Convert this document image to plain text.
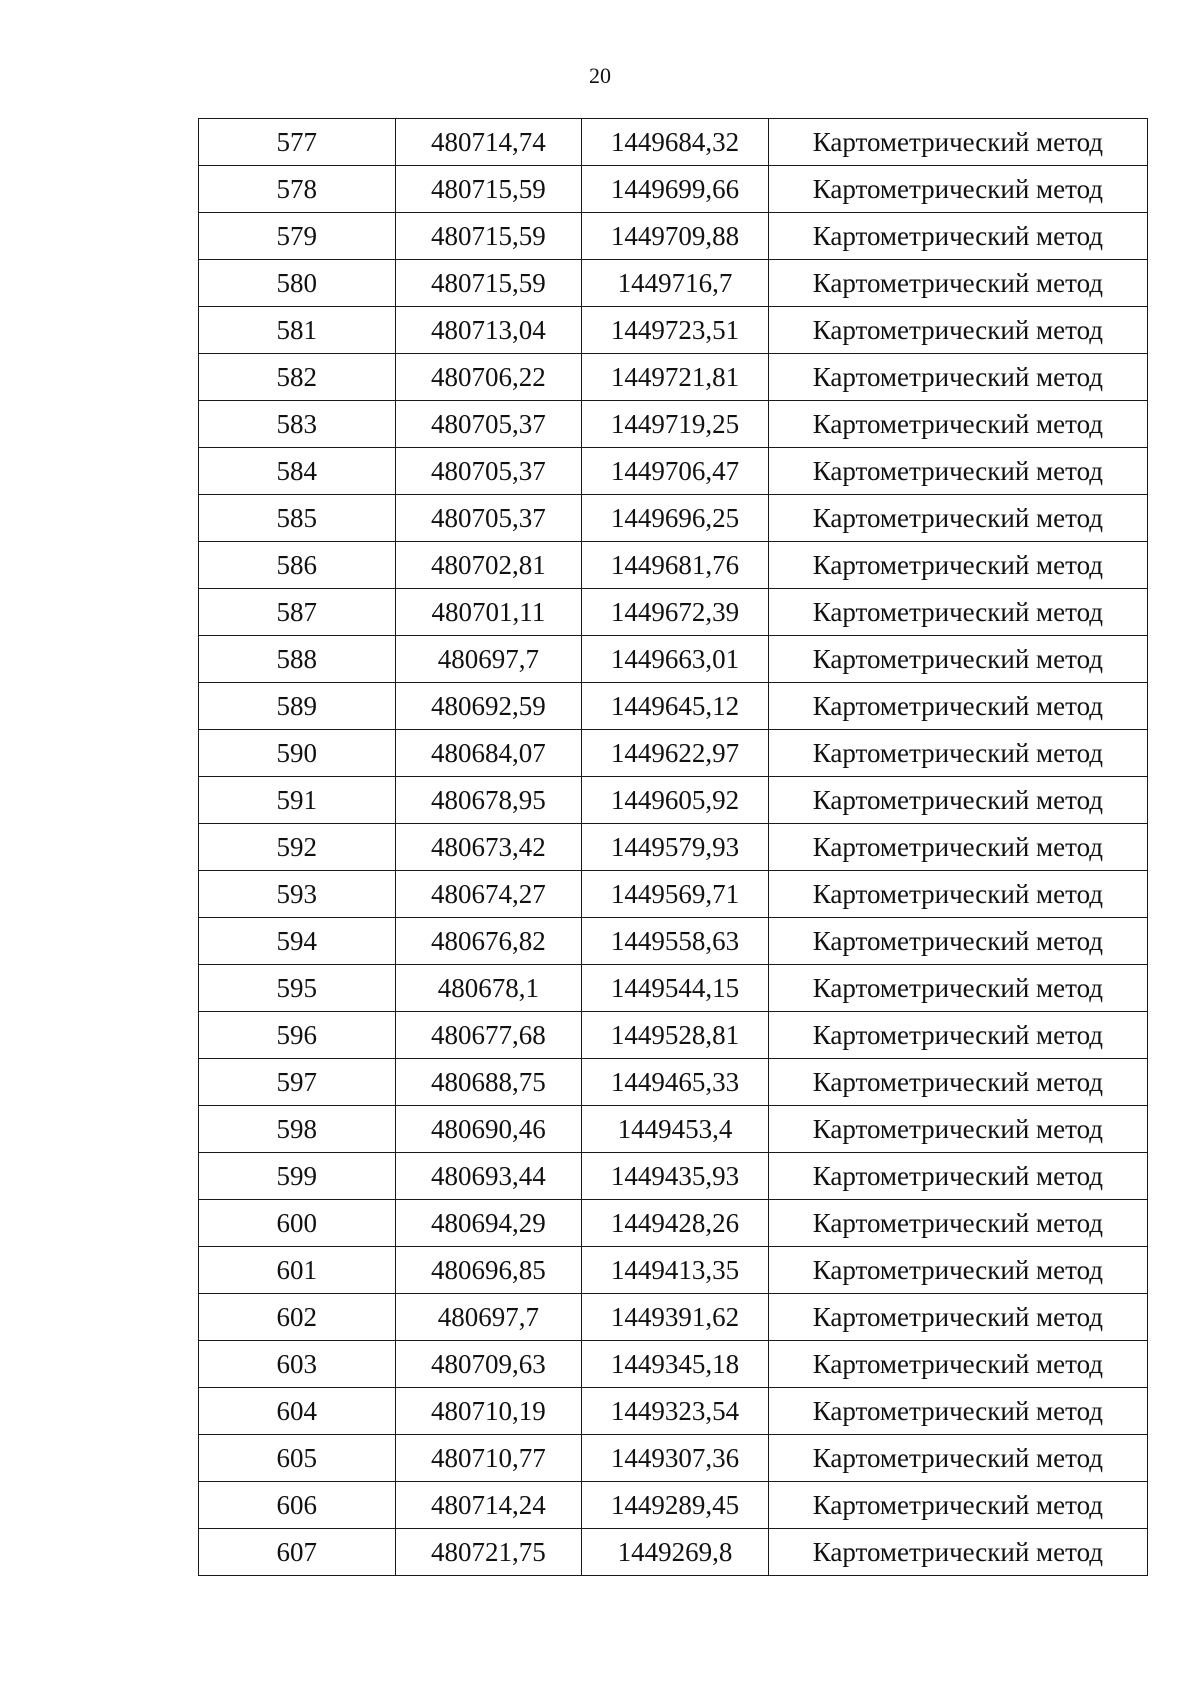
20
577	480714,74	1449684,32	Картометрический метод
578	480715,59	1449699,66	Картометрический метод
579	480715,59	1449709,88	Картометрический метод
580	480715,59	1449716,7	Картометрический метод
581	480713,04	1449723,51	Картометрический метод
582	480706,22	1449721,81	Картометрический метод
583	480705,37	1449719,25	Картометрический метод
584	480705,37	1449706,47	Картометрический метод
585	480705,37	1449696,25	Картометрический метод
586	480702,81	1449681,76	Картометрический метод
587	480701,11	1449672,39	Картометрический метод
588	480697,7	1449663,01	Картометрический метод
589	480692,59	1449645,12	Картометрический метод
590	480684,07	1449622,97	Картометрический метод
591	480678,95	1449605,92	Картометрический метод
592	480673,42	1449579,93	Картометрический метод
593	480674,27	1449569,71	Картометрический метод
594	480676,82	1449558,63	Картометрический метод
595	480678,1	1449544,15	Картометрический метод
596	480677,68	1449528,81	Картометрический метод
597	480688,75	1449465,33	Картометрический метод
598	480690,46	1449453,4	Картометрический метод
599	480693,44	1449435,93	Картометрический метод
600	480694,29	1449428,26	Картометрический метод
601	480696,85	1449413,35	Картометрический метод
602	480697,7	1449391,62	Картометрический метод
603	480709,63	1449345,18	Картометрический метод
604	480710,19	1449323,54	Картометрический метод
605	480710,77	1449307,36	Картометрический метод
606	480714,24	1449289,45	Картометрический метод
607	480721,75	1449269,8	Картометрический метод
